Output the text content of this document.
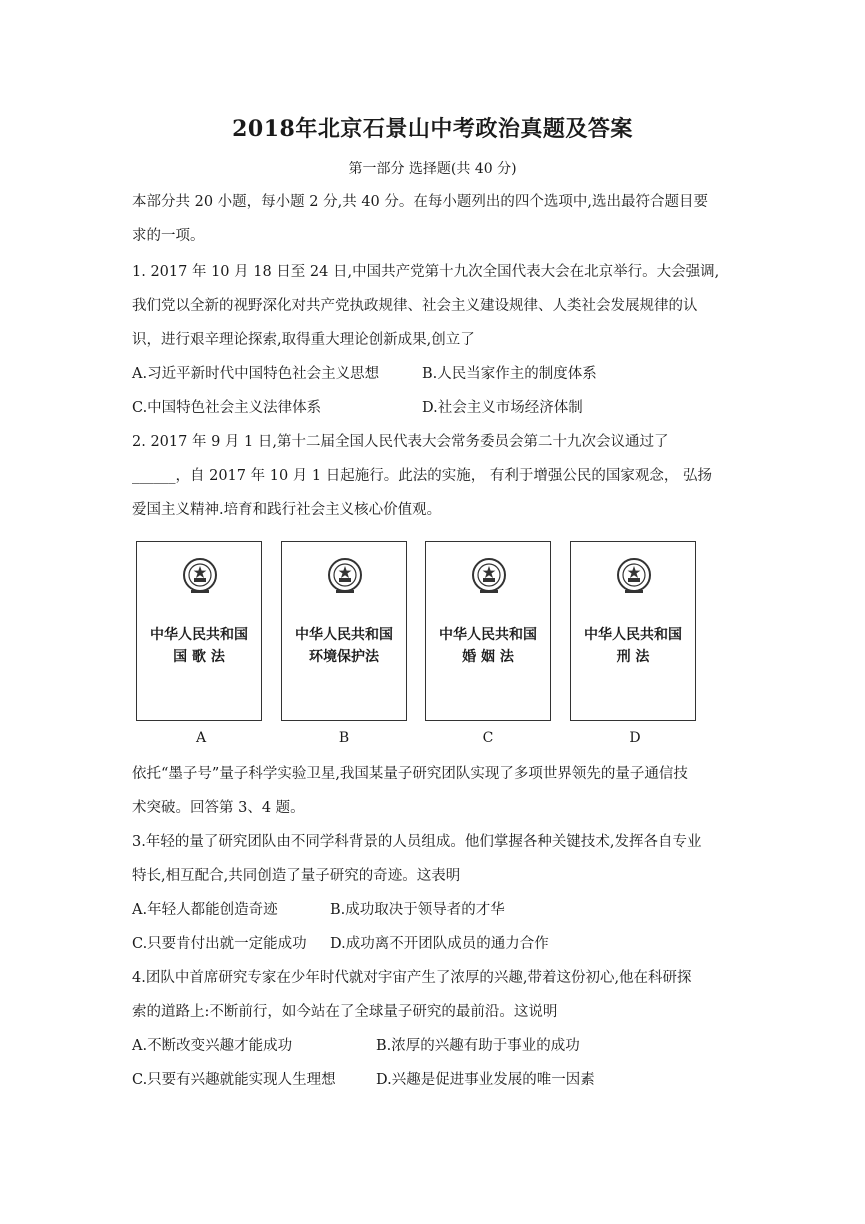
2018年北京石景山中考政治真题及答案
第一部分 选择题(共 40 分)
本部分共 20 小题，每小题 2 分,共 40 分。在每小题列出的四个选项中,选出最符合题目要
求的一项。
1. 2017 年 10 月 18 日至 24 日,中国共产党第十九次全国代表大会在北京举行。大会强调,
我们党以全新的视野深化对共产党执政规律、社会主义建设规律、人类社会发展规律的认
识，进行艰辛理论探索,取得重大理论创新成果,创立了
A.习近平新时代中国特色社会主义思想	B.人民当家作主的制度体系
C.中国特色社会主义法律体系	D.社会主义市场经济体制
2. 2017 年 9 月 1 日,第十二届全国人民代表大会常务委员会第二十九次会议通过了
______，自 2017 年 10 月 1 日起施行。此法的实施， 有利于增强公民的国家观念， 弘扬
爱国主义精神.培育和践行社会主义核心价值观。
中华人民共和国
国 歌 法
中华人民共和国
环境保护法
中华人民共和国
婚 姻 法
中华人民共和国
刑 法
A	B	C	D
依托“墨子号”量子科学实验卫星,我国某量子研究团队实现了多项世界领先的量子通信技
术突破。回答第 3、4 题。
3.年轻的量了研究团队由不同学科背景的人员组成。他们掌握各种关键技术,发挥各自专业
特长,相互配合,共同创造了量子研究的奇迹。这表明
A.年轻人都能创造奇迹	B.成功取决于领导者的才华
C.只要肯付出就一定能成功 D.成功离不开团队成员的通力合作
4.团队中首席研究专家在少年时代就对宇宙产生了浓厚的兴趣,带着这份初心,他在科研探
索的道路上:不断前行，如今站在了全球量子研究的最前沿。这说明
A.不断改变兴趣才能成功	B.浓厚的兴趣有助于事业的成功
C.只要有兴趣就能实现人生理想	D.兴趣是促进事业发展的唯一因素
